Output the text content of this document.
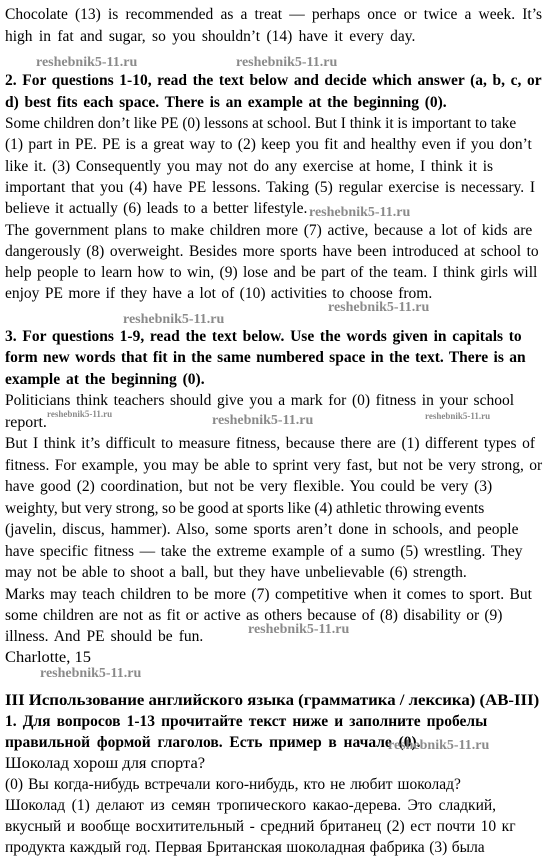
Chocolate (13) is recommended as a treat — perhaps once or twice a week. It’s
high in fat and sugar, so you shouldn’t (14) have it every day.
2. For questions 1-10, read the text below and decide which answer (a, b, c, or
d) best fits each space. There is an example at the beginning (0).
Some children don’t like PE (0) lessons at school. But I think it is important to take
(1) part in PE. PE is a great way to (2) keep you fit and healthy even if you don’t
like it. (3) Consequently you may not do any exercise at home, I think it is
important that you (4) have PE lessons. Taking (5) regular exercise is necessary. I
believe it actually (6) leads to a better lifestyle.
The government plans to make children more (7) active, because a lot of kids are
dangerously (8) overweight. Besides more sports have been introduced at school to
help people to learn how to win, (9) lose and be part of the team. I think girls will
enjoy PE more if they have a lot of (10) activities to choose from.
3. For questions 1-9, read the text below. Use the words given in capitals to
form new words that fit in the same numbered space in the text. There is an
example at the beginning (0).
Politicians think teachers should give you a mark for (0) fitness in your school
report.
But I think it’s difficult to measure fitness, because there are (1) different types of
fitness. For example, you may be able to sprint very fast, but not be very strong, or
have good (2) coordination, but not be very flexible. You could be very (3)
weighty, but very strong, so be good at sports like (4) athletic throwing events
(javelin, discus, hammer). Also, some sports aren’t done in schools, and people
have specific fitness — take the extreme example of a sumo (5) wrestling. They
may not be able to shoot a ball, but they have unbelievable (6) strength.
Marks may teach children to be more (7) competitive when it comes to sport. But
some children are not as fit or active as others because of (8) disability or (9)
illness. And PE should be fun.
Charlotte, 15
III Использование английского языка (грамматика / лексика) (АВ-III)
1. Для вопросов 1-13 прочитайте текст ниже и заполните пробелы
правильной формой глаголов. Есть пример в начале (0).
Шоколад хорош для спорта?
(0) Вы когда-нибудь встречали кого-нибудь, кто не любит шоколад?
Шоколад (1) делают из семян тропического какао-дерева. Это сладкий,
вкусный и вообще восхитительный - средний британец (2) ест почти 10 кг
продукта каждый год. Первая Британская шоколадная фабрика (3) была
reshebnik5-11.ru	reshebnik5-11.ru
reshebnik5-11.ru
reshebnik5-11.ru
reshebnik5-11.ru
reshebnik5-11.ru	reshebnik5-11.ru	reshebnik5-11.ru
reshebnik5-11.ru
reshebnik5-11.ru
reshebnik5-11.ru
